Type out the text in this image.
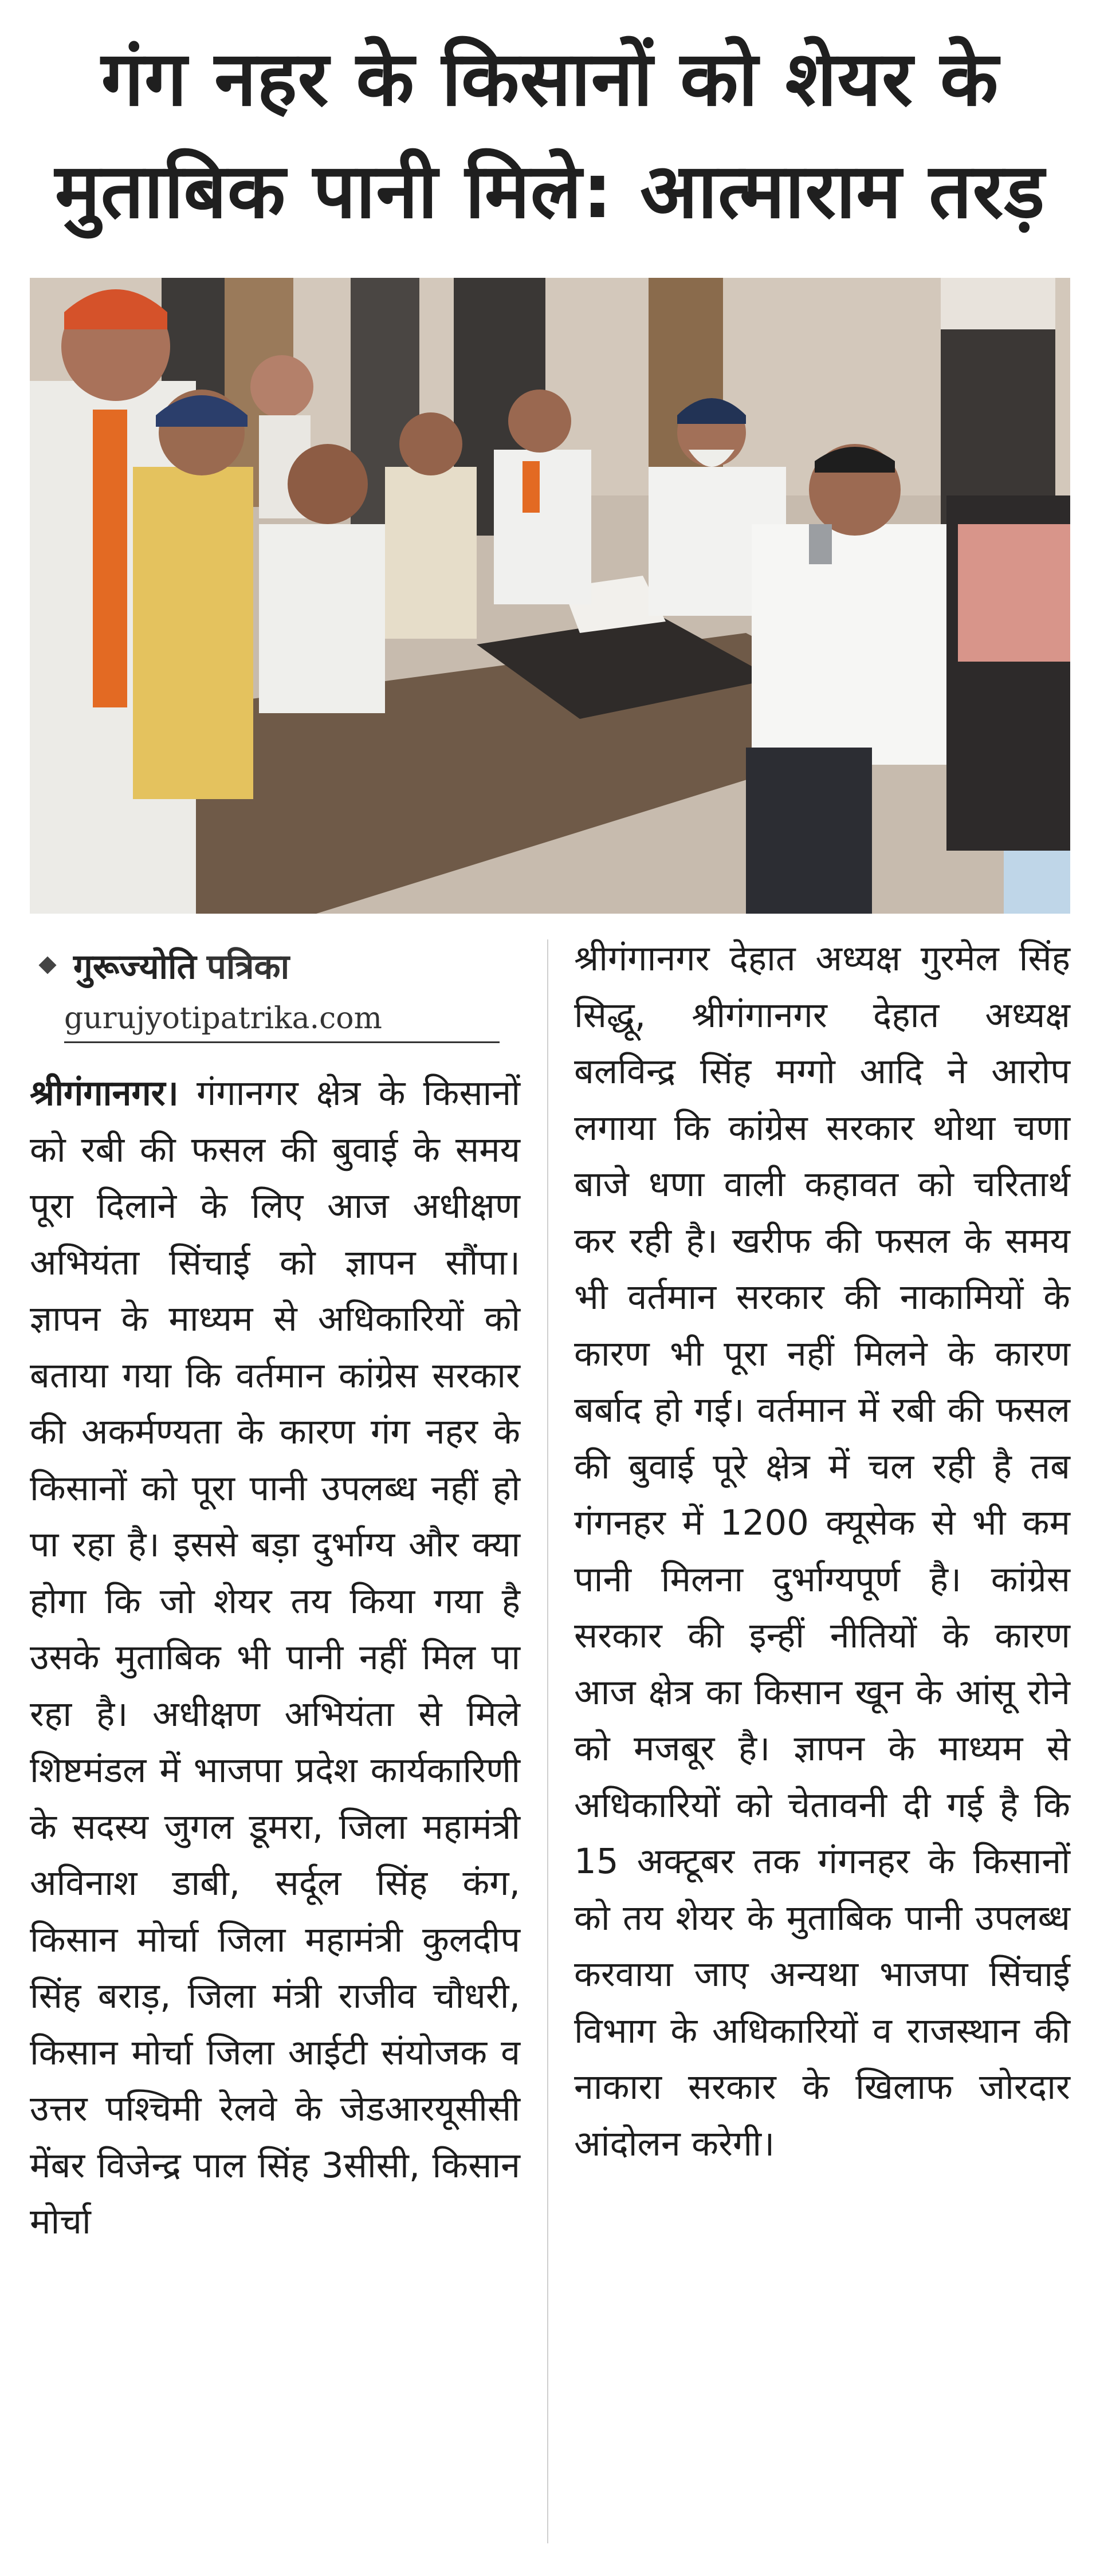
गंग नहर के किसानों को शेयर के
मुताबिक पानी मिले: आत्माराम तरड़
गुरूज्योति पत्रिका
gurujyotipatrika.com

श्रीगंगानगर। गंगानगर क्षेत्र के किसानों को रबी की फसल की बुवाई के समय पूरा दिलाने के लिए आज अधीक्षण अभियंता सिंचाई को ज्ञापन सौंपा। ज्ञापन के माध्यम से अधिकारियों को बताया गया कि वर्तमान कांग्रेस सरकार की अकर्मण्यता के कारण गंग नहर के किसानों को पूरा पानी उपलब्ध नहीं हो पा रहा है। इससे बड़ा दुर्भाग्य और क्या होगा कि जो शेयर तय किया गया है उसके मुताबिक भी पानी नहीं मिल पा रहा है। अधीक्षण अभियंता से मिले शिष्टमंडल में भाजपा प्रदेश कार्यकारिणी के सदस्य जुगल डूमरा, जिला महामंत्री अविनाश डाबी, सर्दूल सिंह कंग, किसान मोर्चा जिला महामंत्री कुलदीप सिंह बराड़, जिला मंत्री राजीव चौधरी, किसान मोर्चा जिला आईटी संयोजक व उत्तर पश्चिमी रेलवे के जेडआरयूसीसी मेंबर विजेन्द्र पाल सिंह 3सीसी, किसान मोर्चा

श्रीगंगानगर देहात अध्यक्ष गुरमेल सिंह सिद्धू, श्रीगंगानगर देहात अध्यक्ष बलविन्द्र सिंह मग्गो आदि ने आरोप लगाया कि कांग्रेस सरकार थोथा चणा बाजे धणा वाली कहावत को चरितार्थ कर रही है। खरीफ की फसल के समय भी वर्तमान सरकार की नाकामियों के कारण भी पूरा नहीं मिलने के कारण बर्बाद हो गई। वर्तमान में रबी की फसल की बुवाई पूरे क्षेत्र में चल रही है तब गंगनहर में 1200 क्यूसेक से भी कम पानी मिलना दुर्भाग्यपूर्ण है। कांग्रेस सरकार की इन्हीं नीतियों के कारण आज क्षेत्र का किसान खून के आंसू रोने को मजबूर है। ज्ञापन के माध्यम से अधिकारियों को चेतावनी दी गई है कि 15 अक्टूबर तक गंगनहर के किसानों को तय शेयर के मुताबिक पानी उपलब्ध करवाया जाए अन्यथा भाजपा सिंचाई विभाग के अधिकारियों व राजस्थान की नाकारा सरकार के खिलाफ जोरदार आंदोलन करेगी।
